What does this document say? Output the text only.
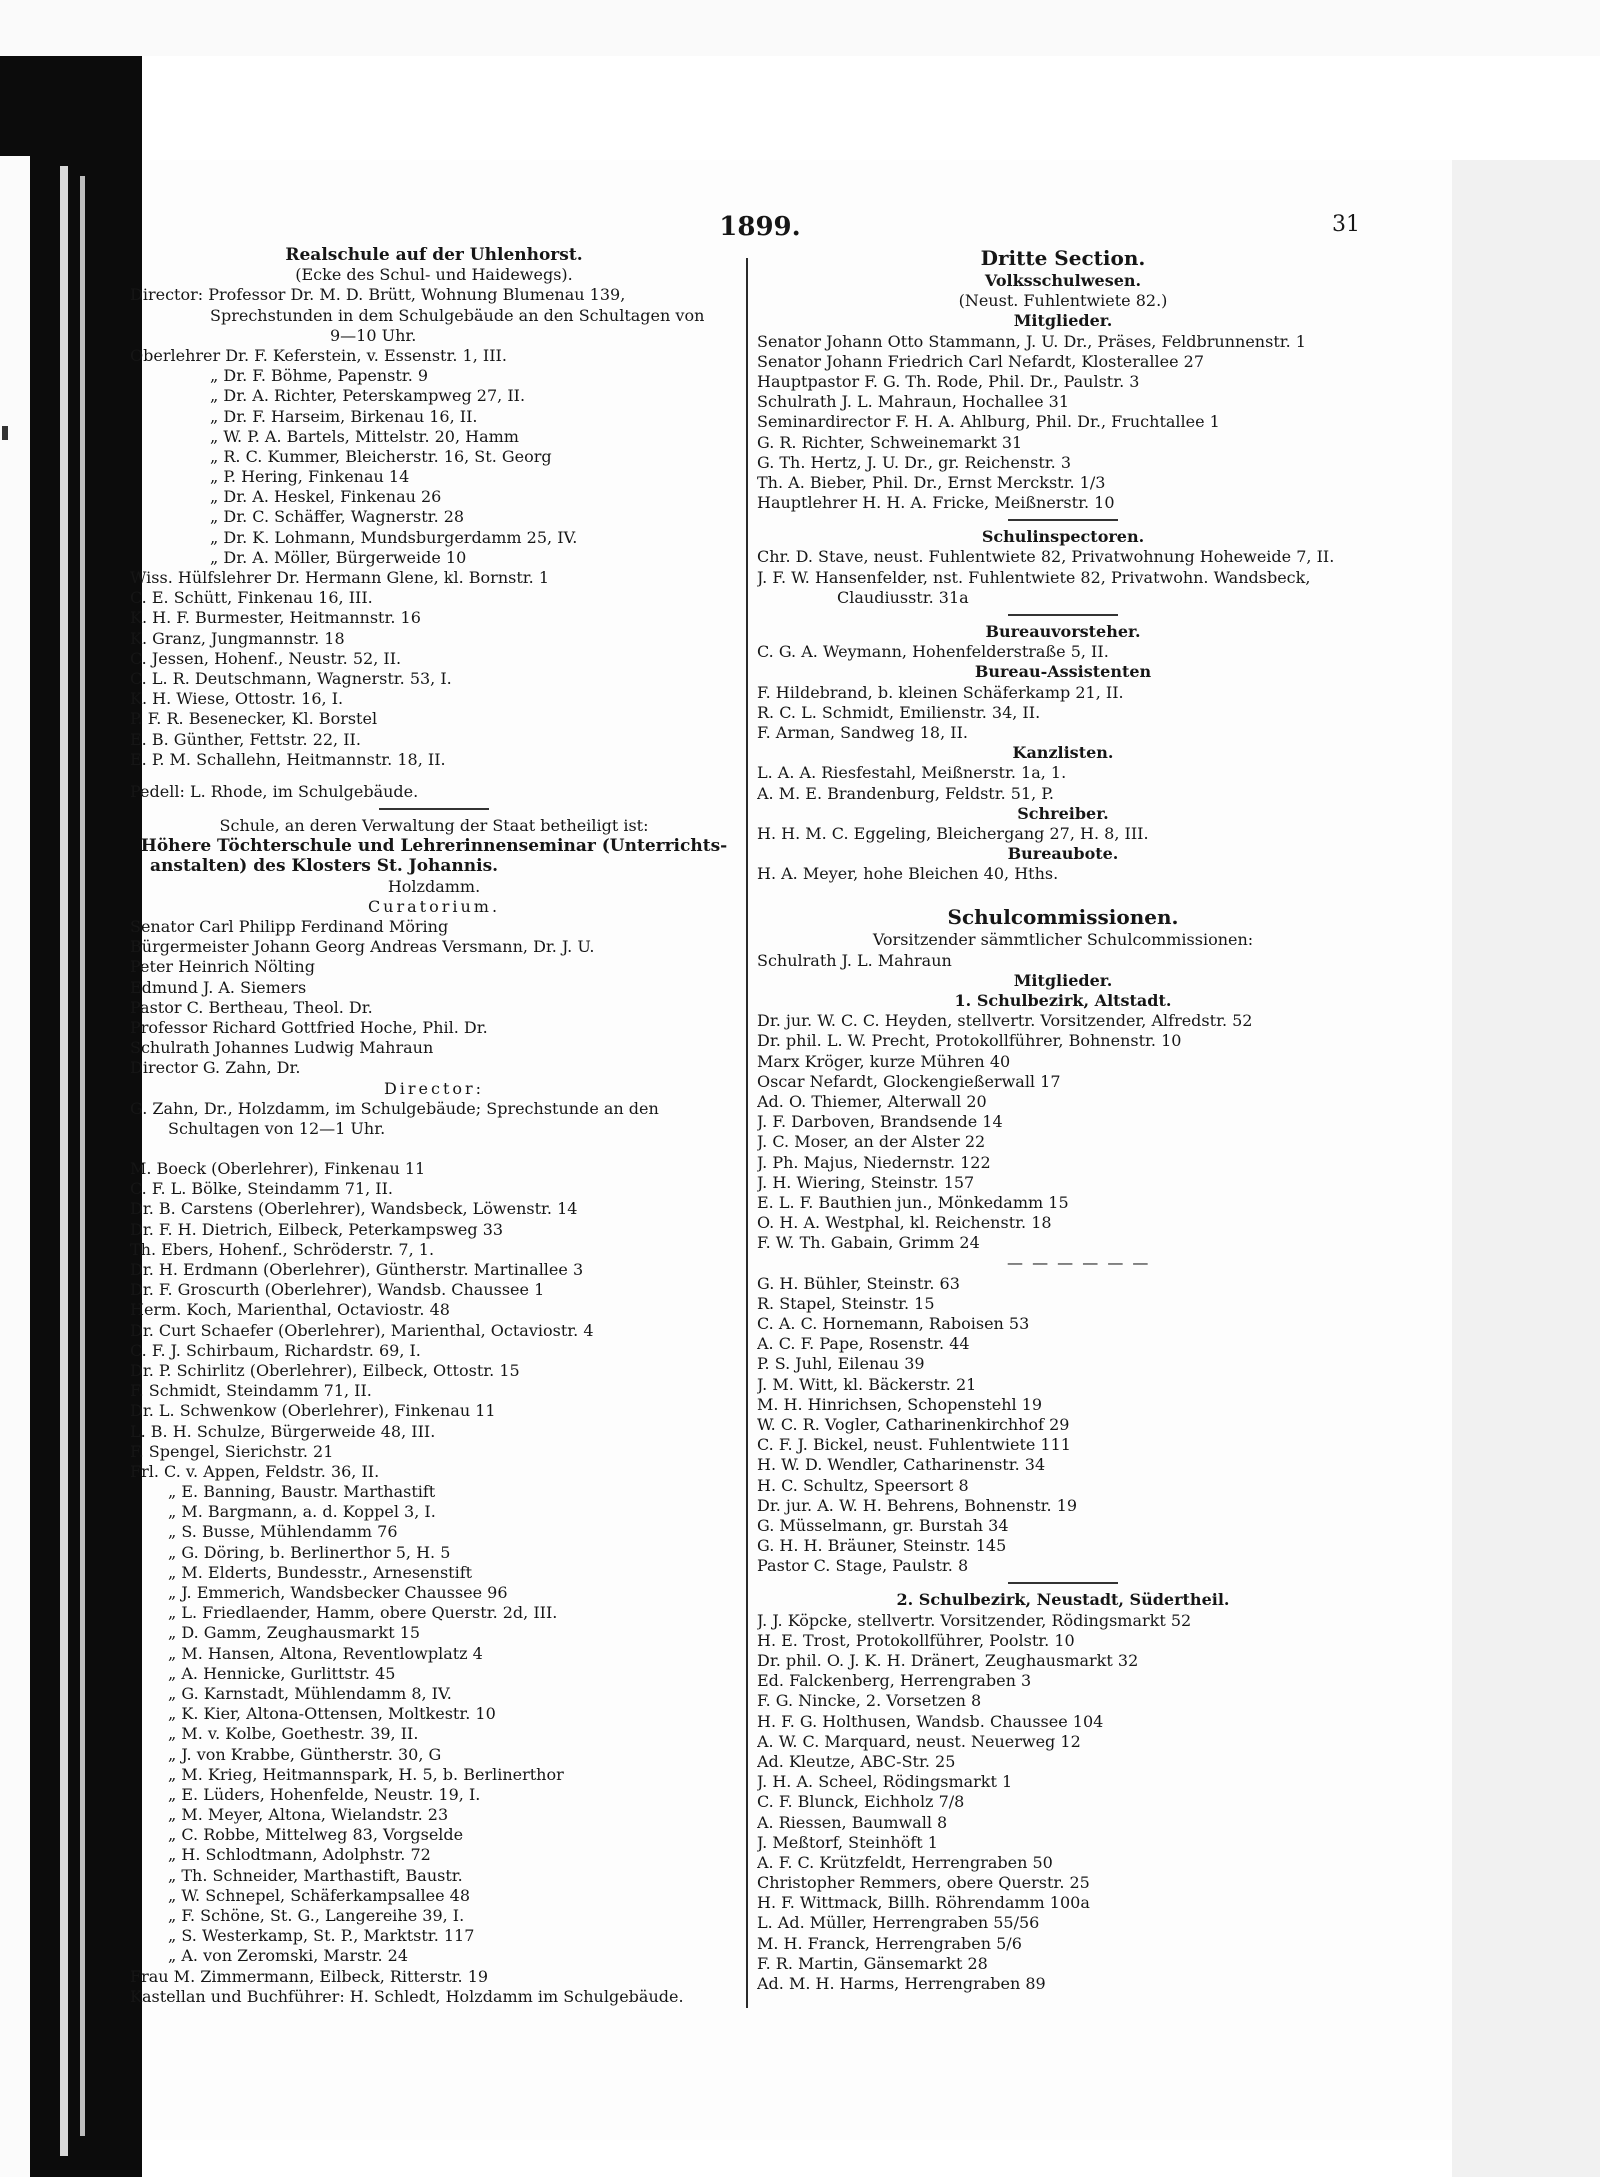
1899.	31
Realschule auf der Uhlenhorst.
(Ecke des Schul- und Haidewegs).
Director: Professor Dr. M. D. Brütt, Wohnung Blumenau 139,
Sprechstunden in dem Schulgebäude an den Schultagen von
9—10 Uhr.
Oberlehrer Dr. F. Keferstein, v. Essenstr. 1, III.
„ Dr. F. Böhme, Papenstr. 9
„ Dr. A. Richter, Peterskampweg 27, II.
„ Dr. F. Harseim, Birkenau 16, II.
„ W. P. A. Bartels, Mittelstr. 20, Hamm
„ R. C. Kummer, Bleicherstr. 16, St. Georg
„ P. Hering, Finkenau 14
„ Dr. A. Heskel, Finkenau 26
„ Dr. C. Schäffer, Wagnerstr. 28
„ Dr. K. Lohmann, Mundsburgerdamm 25, IV.
„ Dr. A. Möller, Bürgerweide 10
Wiss. Hülfslehrer Dr. Hermann Glene, kl. Bornstr. 1
C. E. Schütt, Finkenau 16, III.
K. H. F. Burmester, Heitmannstr. 16
K. Granz, Jungmannstr. 18
C. Jessen, Hohenf., Neustr. 52, II.
C. L. R. Deutschmann, Wagnerstr. 53, I.
K. H. Wiese, Ottostr. 16, I.
P. F. R. Besenecker, Kl. Borstel
E. B. Günther, Fettstr. 22, II.
E. P. M. Schallehn, Heitmannstr. 18, II.
Pedell: L. Rhode, im Schulgebäude.
Schule, an deren Verwaltung der Staat betheiligt ist:
Höhere Töchterschule und Lehrerinnenseminar (Unterrichts-
anstalten) des Klosters St. Johannis.
Holzdamm.
Curatorium.
Senator Carl Philipp Ferdinand Möring
Bürgermeister Johann Georg Andreas Versmann, Dr. J. U.
Peter Heinrich Nölting
Edmund J. A. Siemers
Pastor C. Bertheau, Theol. Dr.
Professor Richard Gottfried Hoche, Phil. Dr.
Schulrath Johannes Ludwig Mahraun
Director G. Zahn, Dr.
Director:
G. Zahn, Dr., Holzdamm, im Schulgebäude; Sprechstunde an den
Schultagen von 12—1 Uhr.
M. Boeck (Oberlehrer), Finkenau 11
C. F. L. Bölke, Steindamm 71, II.
Dr. B. Carstens (Oberlehrer), Wandsbeck, Löwenstr. 14
Dr. F. H. Dietrich, Eilbeck, Peterkampsweg 33
Th. Ebers, Hohenf., Schröderstr. 7, 1.
Dr. H. Erdmann (Oberlehrer), Güntherstr. Martinallee 3
Dr. F. Groscurth (Oberlehrer), Wandsb. Chaussee 1
Herm. Koch, Marienthal, Octaviostr. 48
Dr. Curt Schaefer (Oberlehrer), Marienthal, Octaviostr. 4
C. F. J. Schirbaum, Richardstr. 69, I.
Dr. P. Schirlitz (Oberlehrer), Eilbeck, Ottostr. 15
F. Schmidt, Steindamm 71, II.
Dr. L. Schwenkow (Oberlehrer), Finkenau 11
L. B. H. Schulze, Bürgerweide 48, III.
F. Spengel, Sierichstr. 21
Frl. C. v. Appen, Feldstr. 36, II.
„ E. Banning, Baustr. Marthastift
„ M. Bargmann, a. d. Koppel 3, I.
„ S. Busse, Mühlendamm 76
„ G. Döring, b. Berlinerthor 5, H. 5
„ M. Elderts, Bundesstr., Arnesenstift
„ J. Emmerich, Wandsbecker Chaussee 96
„ L. Friedlaender, Hamm, obere Querstr. 2d, III.
„ D. Gamm, Zeughausmarkt 15
„ M. Hansen, Altona, Reventlowplatz 4
„ A. Hennicke, Gurlittstr. 45
„ G. Karnstadt, Mühlendamm 8, IV.
„ K. Kier, Altona-Ottensen, Moltkestr. 10
„ M. v. Kolbe, Goethestr. 39, II.
„ J. von Krabbe, Güntherstr. 30, G
„ M. Krieg, Heitmannspark, H. 5, b. Berlinerthor
„ E. Lüders, Hohenfelde, Neustr. 19, I.
„ M. Meyer, Altona, Wielandstr. 23
„ C. Robbe, Mittelweg 83, Vorgselde
„ H. Schlodtmann, Adolphstr. 72
„ Th. Schneider, Marthastift, Baustr.
„ W. Schnepel, Schäferkampsallee 48
„ F. Schöne, St. G., Langereihe 39, I.
„ S. Westerkamp, St. P., Marktstr. 117
„ A. von Zeromski, Marstr. 24
Frau M. Zimmermann, Eilbeck, Ritterstr. 19
Kastellan und Buchführer: H. Schledt, Holzdamm im Schulgebäude.
Dritte Section.
Volksschulwesen.
(Neust. Fuhlentwiete 82.)
Mitglieder.
Senator Johann Otto Stammann, J. U. Dr., Präses, Feldbrunnenstr. 1
Senator Johann Friedrich Carl Nefardt, Klosterallee 27
Hauptpastor F. G. Th. Rode, Phil. Dr., Paulstr. 3
Schulrath J. L. Mahraun, Hochallee 31
Seminardirector F. H. A. Ahlburg, Phil. Dr., Fruchtallee 1
G. R. Richter, Schweinemarkt 31
G. Th. Hertz, J. U. Dr., gr. Reichenstr. 3
Th. A. Bieber, Phil. Dr., Ernst Merckstr. 1/3
Hauptlehrer H. H. A. Fricke, Meißnerstr. 10
Schulinspectoren.
Chr. D. Stave, neust. Fuhlentwiete 82, Privatwohnung Hoheweide 7, II.
J. F. W. Hansenfelder, nst. Fuhlentwiete 82, Privatwohn. Wandsbeck,
Claudiusstr. 31a
Bureauvorsteher.
C. G. A. Weymann, Hohenfelderstraße 5, II.
Bureau-Assistenten
F. Hildebrand, b. kleinen Schäferkamp 21, II.
R. C. L. Schmidt, Emilienstr. 34, II.
F. Arman, Sandweg 18, II.
Kanzlisten.
L. A. A. Riesfestahl, Meißnerstr. 1a, 1.
A. M. E. Brandenburg, Feldstr. 51, P.
Schreiber.
H. H. M. C. Eggeling, Bleichergang 27, H. 8, III.
Bureaubote.
H. A. Meyer, hohe Bleichen 40, Hths.
Schulcommissionen.
Vorsitzender sämmtlicher Schulcommissionen:
Schulrath J. L. Mahraun
Mitglieder.
1. Schulbezirk, Altstadt.
Dr. jur. W. C. C. Heyden, stellvertr. Vorsitzender, Alfredstr. 52
Dr. phil. L. W. Precht, Protokollführer, Bohnenstr. 10
Marx Kröger, kurze Mühren 40
Oscar Nefardt, Glockengießerwall 17
Ad. O. Thiemer, Alterwall 20
J. F. Darboven, Brandsende 14
J. C. Moser, an der Alster 22
J. Ph. Majus, Niedernstr. 122
J. H. Wiering, Steinstr. 157
E. L. F. Bauthien jun., Mönkedamm 15
O. H. A. Westphal, kl. Reichenstr. 18
F. W. Th. Gabain, Grimm 24
— — — — — —
G. H. Bühler, Steinstr. 63
R. Stapel, Steinstr. 15
C. A. C. Hornemann, Raboisen 53
A. C. F. Pape, Rosenstr. 44
P. S. Juhl, Eilenau 39
J. M. Witt, kl. Bäckerstr. 21
M. H. Hinrichsen, Schopenstehl 19
W. C. R. Vogler, Catharinenkirchhof 29
C. F. J. Bickel, neust. Fuhlentwiete 111
H. W. D. Wendler, Catharinenstr. 34
H. C. Schultz, Speersort 8
Dr. jur. A. W. H. Behrens, Bohnenstr. 19
G. Müsselmann, gr. Burstah 34
G. H. H. Bräuner, Steinstr. 145
Pastor C. Stage, Paulstr. 8
2. Schulbezirk, Neustadt, Südertheil.
J. J. Köpcke, stellvertr. Vorsitzender, Rödingsmarkt 52
H. E. Trost, Protokollführer, Poolstr. 10
Dr. phil. O. J. K. H. Dränert, Zeughausmarkt 32
Ed. Falckenberg, Herrengraben 3
F. G. Nincke, 2. Vorsetzen 8
H. F. G. Holthusen, Wandsb. Chaussee 104
A. W. C. Marquard, neust. Neuerweg 12
Ad. Kleutze, ABC-Str. 25
J. H. A. Scheel, Rödingsmarkt 1
C. F. Blunck, Eichholz 7/8
A. Riessen, Baumwall 8
J. Meßtorf, Steinhöft 1
A. F. C. Krützfeldt, Herrengraben 50
Christopher Remmers, obere Querstr. 25
H. F. Wittmack, Billh. Röhrendamm 100a
L. Ad. Müller, Herrengraben 55/56
M. H. Franck, Herrengraben 5/6
F. R. Martin, Gänsemarkt 28
Ad. M. H. Harms, Herrengraben 89
